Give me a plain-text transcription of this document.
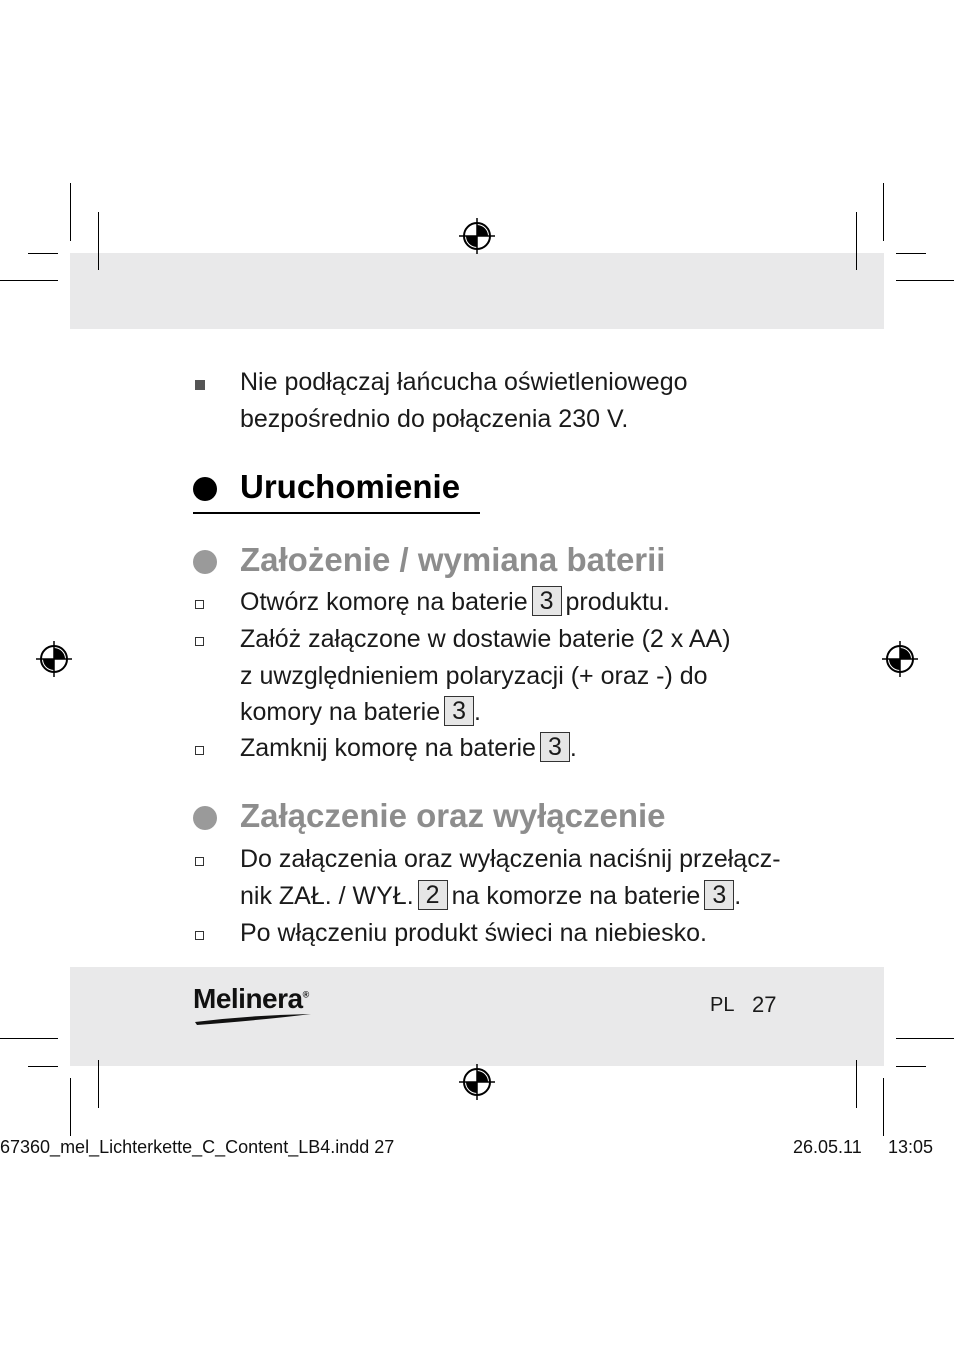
Nie podłączaj łańcucha oświetleniowego
bezpośrednio do połączenia 230 V.
Uruchomienie
Założenie / wymiana baterii
Otwórz komorę na baterie 3 produktu.
Załóż załączone w dostawie baterie (2 x AA)
z uwzględnieniem polaryzacji (+ oraz -) do
komory na baterie 3 .
Zamknij komorę na baterie 3 .
Załączenie oraz wyłączenie
Do załączenia oraz wyłączenia naciśnij przełącz-
nik ZAŁ. / WYŁ. 2 na komorze na baterie 3 .
Po włączeniu produkt świeci na niebiesko.
Melinera®	PL 27
67360_mel_Lichterkette_C_Content_LB4.indd 27	26.05.11 13:05
